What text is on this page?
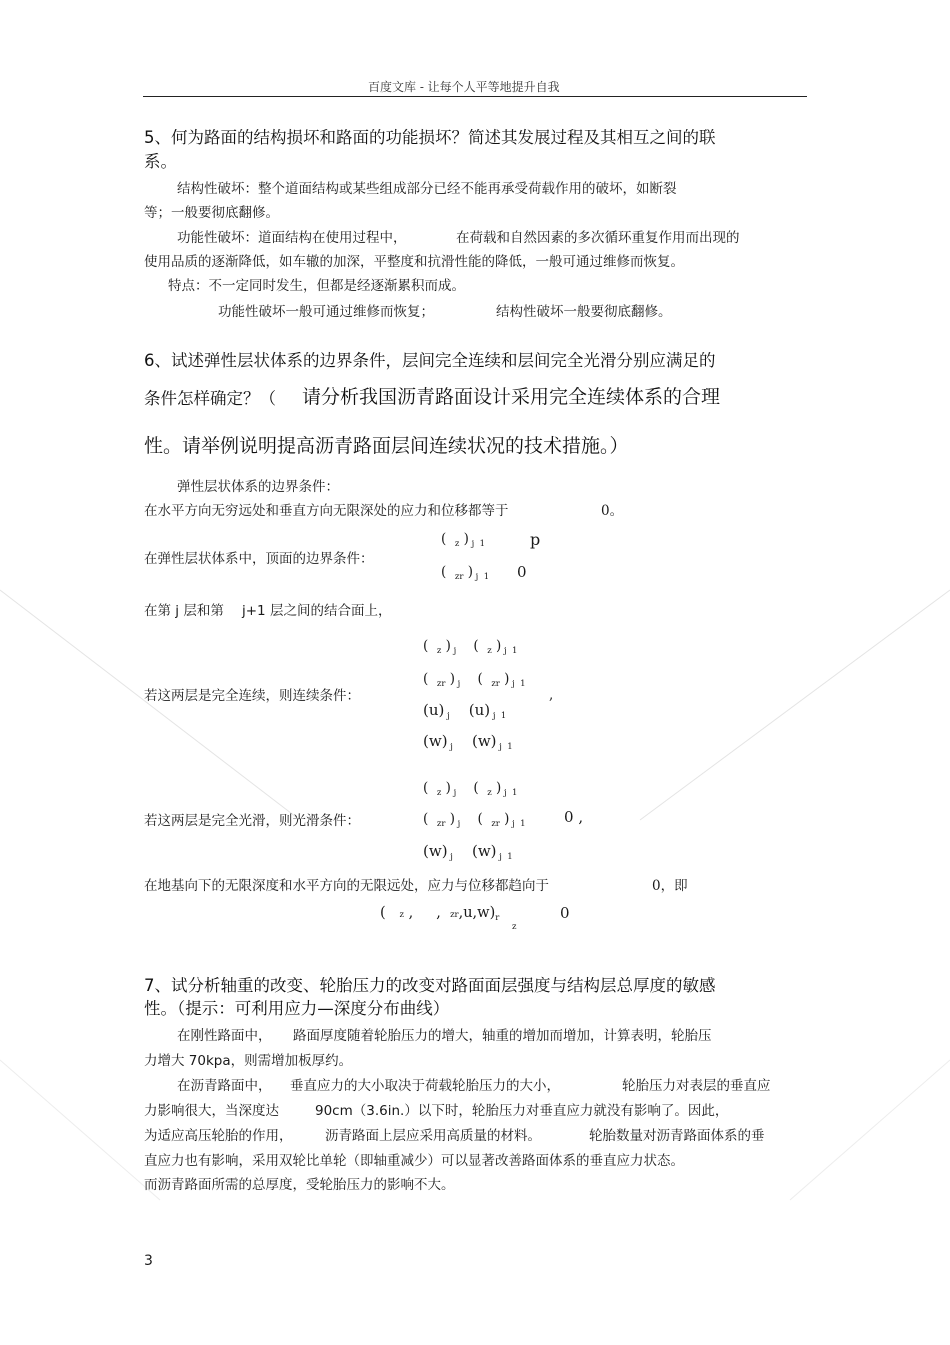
百度文库 - 让每个人平等地提升自我
5、何为路面的结构损坏和路面的功能损坏？简述其发展过程及其相互之间的联
系。
结构性破坏：整个道面结构或某些组成部分已经不能再承受荷载作用的破坏，如断裂
等；一般要彻底翻修。
功能性破坏：道面结构在使用过程中，	在荷载和自然因素的多次循环重复作用而出现的
使用品质的逐渐降低，如车辙的加深，平整度和抗滑性能的降低，一般可通过维修而恢复。
特点：不一定同时发生，但都是经逐渐累积而成。
功能性破坏一般可通过维修而恢复；	结构性破坏一般要彻底翻修。
6、试述弹性层状体系的边界条件，层间完全连续和层间完全光滑分别应满足的
条件怎样确定？（ 请分析我国沥青路面设计采用完全连续体系的合理
性。请举例说明提高沥青路面层间连续状况的技术措施。）
弹性层状体系的边界条件：
在水平方向无穷远处和垂直方向无限深处的应力和位移都等于	0。
在弹性层状体系中，顶面的边界条件：
(  $_z$ ) $_{j 1}$	p
(  $_{zr}$ ) $_{j 1}$ 0
在第 j 层和第 j+1 层之间的结合面上，
(  $_z$ ) $_j$    (  $_z$ ) $_{j 1}$
(  $_{zr}$ ) $_j$    (  $_{zr}$ ) $_{j 1}$
,
若这两层是完全连续，则连续条件：
(u) $_j$    (u) $_{j 1}$
(w) $_j$    (w) $_{j 1}$
(  $_z$ ) $_j$    (  $_z$ ) $_{j 1}$
若这两层是完全光滑，则光滑条件：	(  $_{zr}$ ) $_j$    (  $_{zr}$ ) $_{j 1}$	0 ,
(w) $_j$    (w) $_{j 1}$
在地基向下的无限深度和水平方向的无限远处，应力与位移都趋向于	0，即
(   z ,     ,  $zr,u,w)_r$
z
0
7、试分析轴重的改变、轮胎压力的改变对路面面层强度与结构层总厚度的敏感
性。（提示：可利用应力—深度分布曲线）
在刚性路面中， 路面厚度随着轮胎压力的增大，轴重的增加而增加，计算表明，轮胎压
力增大 70kpa，则需增加板厚约。
在沥青路面中， 垂直应力的大小取决于荷载轮胎压力的大小，	轮胎压力对表层的垂直应
力影响很大，当深度达	90cm（3.6in.）以下时，轮胎压力对垂直应力就没有影响了。因此，
为适应高压轮胎的作用， 沥青路面上层应采用高质量的材料。	轮胎数量对沥青路面体系的垂
直应力也有影响，采用双轮比单轮（即轴重减少）可以显著改善路面体系的垂直应力状态。
而沥青路面所需的总厚度，受轮胎压力的影响不大。
3
